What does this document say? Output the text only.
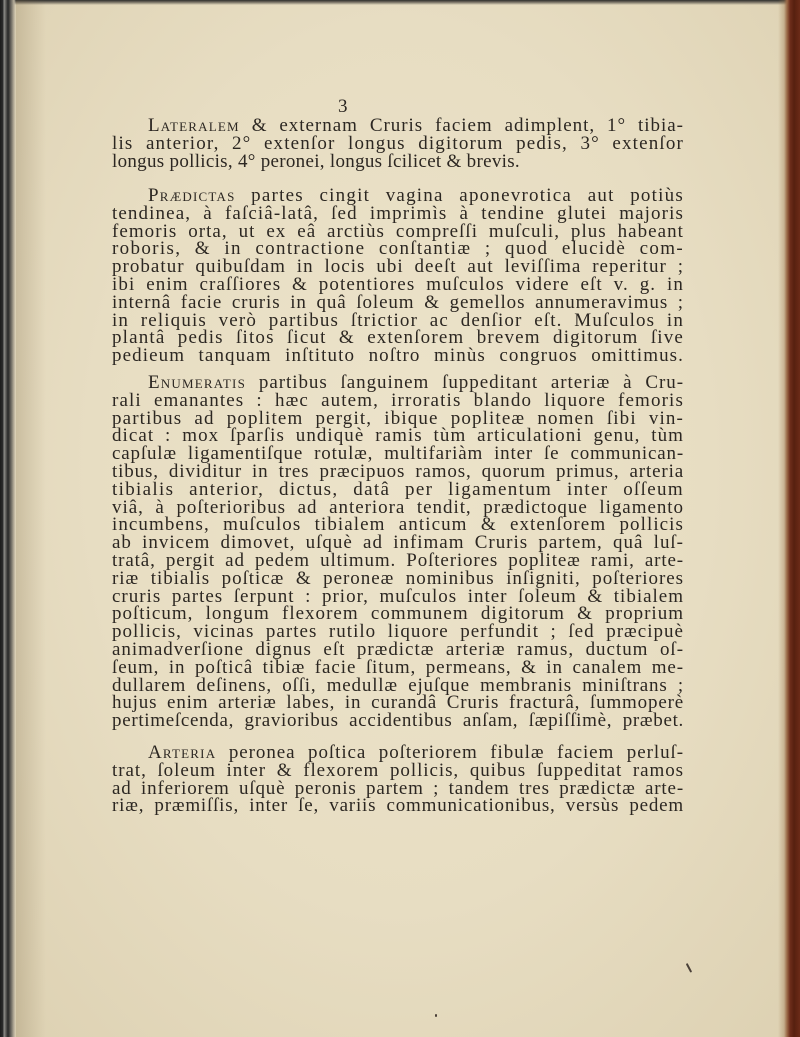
3
Lateralem & externam Cruris faciem adimplent, 1° tibia-
lis anterior, 2° extenſor longus digitorum pedis, 3° extenſor
longus pollicis, 4° peronei, longus ſcilicet & brevis.
Prædictas partes cingit vagina aponevrotica aut potiùs
tendinea, à faſciâ-latâ, ſed imprimìs à tendine glutei majoris
femoris orta, ut ex eâ arctiùs compreſſi muſculi, plus habeant
roboris, & in contractione conſtantiæ ; quod elucidè com-
probatur quibuſdam in locis ubi deeſt aut leviſſima reperitur ;
ibi enim craſſiores & potentiores muſculos videre eſt v. g. in
internâ facie cruris in quâ ſoleum & gemellos annumeravimus ;
in reliquis verò partibus ſtrictior ac denſior eſt. Muſculos in
plantâ pedis ſitos ſicut & extenſorem brevem digitorum ſive
pedieum tanquam inſtituto noſtro minùs congruos omittimus.
Enumeratis partibus ſanguinem ſuppeditant arteriæ à Cru-
rali emanantes : hæc autem, irroratis blando liquore femoris
partibus ad poplitem pergit, ibique popliteæ nomen ſibi vin-
dicat : mox ſparſis undiquè ramis tùm articulationi genu, tùm
capſulæ ligamentiſque rotulæ, multifariàm inter ſe communican-
tibus, dividitur in tres præcipuos ramos, quorum primus, arteria
tibialis anterior, dictus, datâ per ligamentum inter oſſeum
viâ, à poſterioribus ad anteriora tendit, prædictoque ligamento
incumbens, muſculos tibialem anticum & extenſorem pollicis
ab invicem dimovet, uſquè ad infimam Cruris partem, quâ luſ-
tratâ, pergit ad pedem ultimum. Poſteriores popliteæ rami, arte-
riæ tibialis poſticæ & peroneæ nominibus inſigniti, poſteriores
cruris partes ſerpunt : prior, muſculos inter ſoleum & tibialem
poſticum, longum flexorem communem digitorum & proprium
pollicis, vicinas partes rutilo liquore perfundit ; ſed præcipuè
animadverſione dignus eſt prædictæ arteriæ ramus, ductum oſ-
ſeum, in poſticâ tibiæ facie ſitum, permeans, & in canalem me-
dullarem deſinens, oſſi, medullæ ejuſque membranis miniſtrans ;
hujus enim arteriæ labes, in curandâ Cruris fracturâ, ſummoperè
pertimeſcenda, gravioribus accidentibus anſam, ſæpiſſimè, præbet.
Arteria peronea poſtica poſteriorem fibulæ faciem perluſ-
trat, ſoleum inter & flexorem pollicis, quibus ſuppeditat ramos
ad inferiorem uſquè peronis partem ; tandem tres prædictæ arte-
riæ, præmiſſis, inter ſe, variis communicationibus, versùs pedem
